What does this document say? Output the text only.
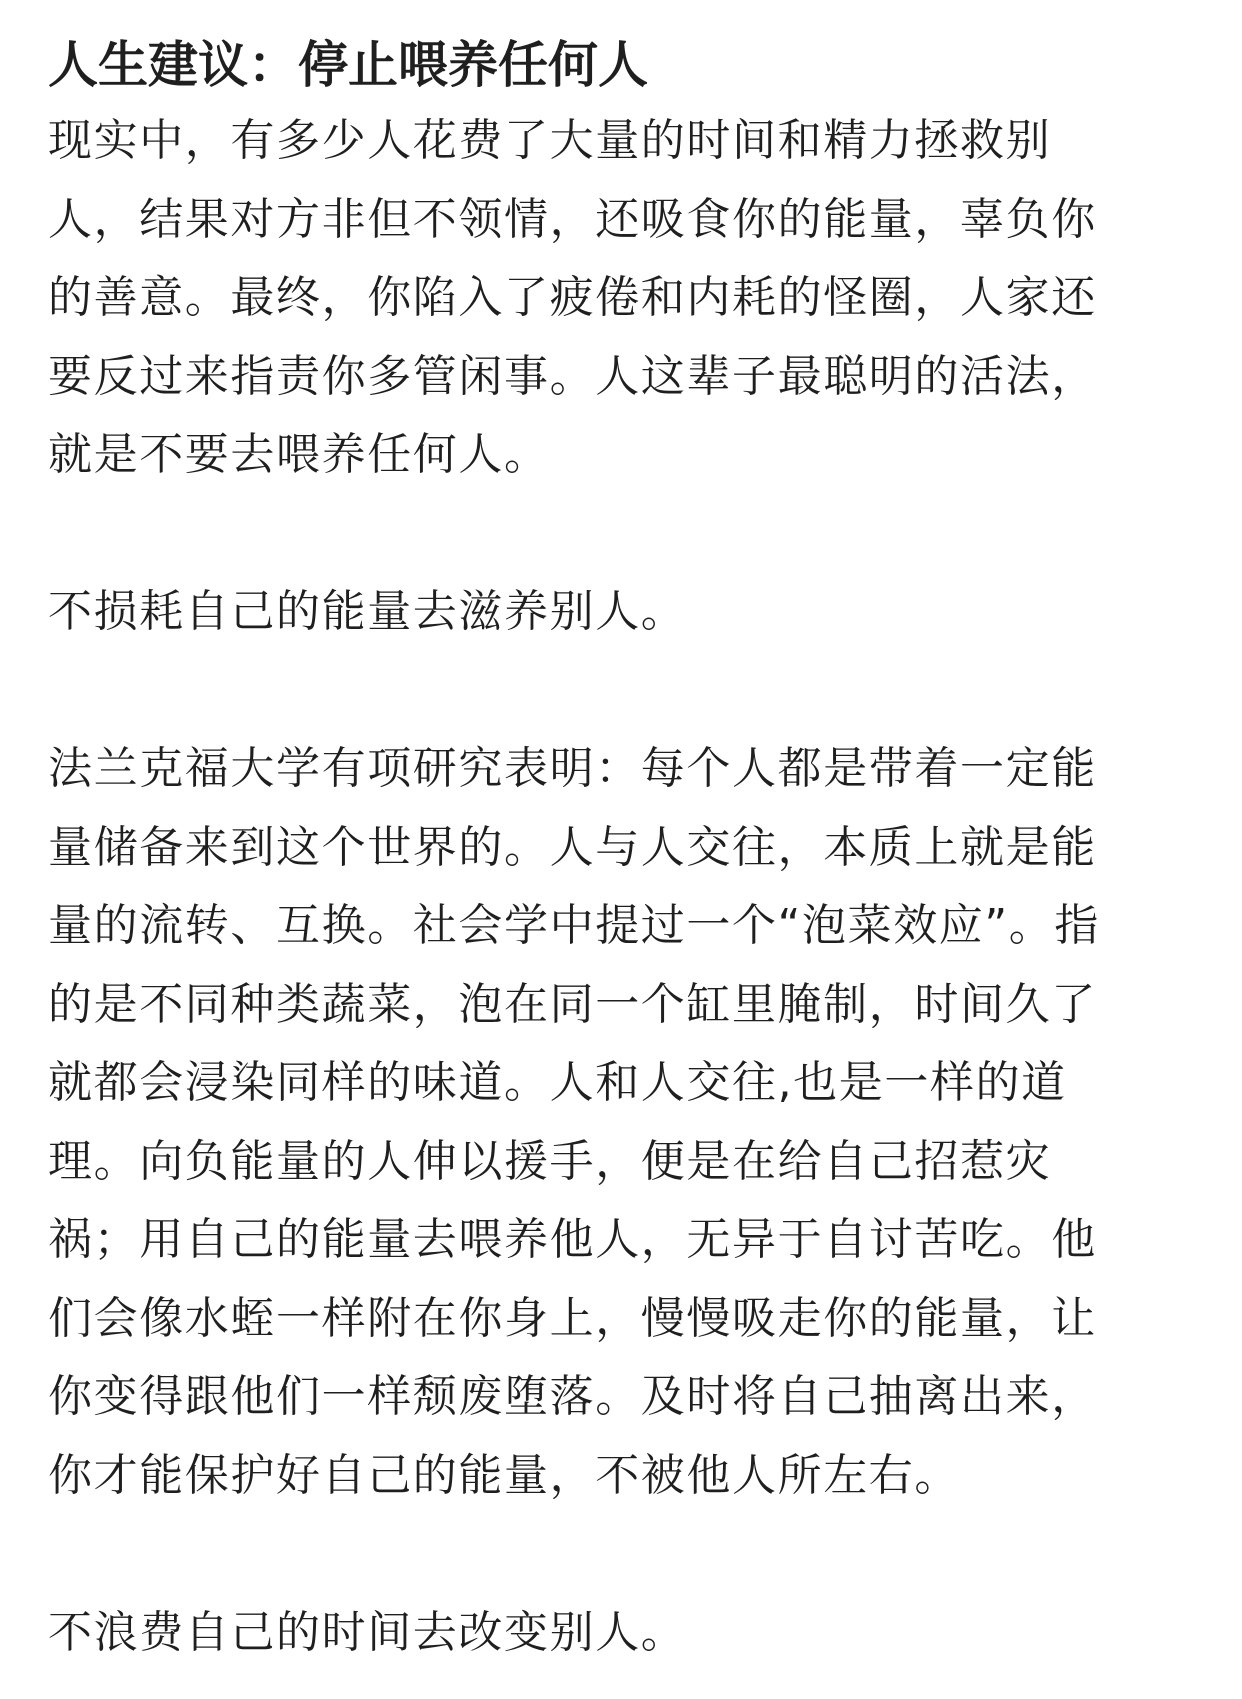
人生建议：停止喂养任何人
现实中，有多少人花费了大量的时间和精力拯救别
人，结果对方非但不领情，还吸食你的能量，辜负你
的善意。最终，你陷入了疲倦和内耗的怪圈，人家还
要反过来指责你多管闲事。人这辈子最聪明的活法，
就是不要去喂养任何人。
不损耗自己的能量去滋养别人。
法兰克福大学有项研究表明：每个人都是带着一定能
量储备来到这个世界的。人与人交往，本质上就是能
量的流转、互换。社会学中提过一个“泡菜效应”。指
的是不同种类蔬菜，泡在同一个缸里腌制，时间久了
就都会浸染同样的味道。人和人交往,也是一样的道
理。向负能量的人伸以援手，便是在给自己招惹灾
祸；用自己的能量去喂养他人，无异于自讨苦吃。他
们会像水蛭一样附在你身上，慢慢吸走你的能量，让
你变得跟他们一样颓废堕落。及时将自己抽离出来，
你才能保护好自己的能量，不被他人所左右。
不浪费自己的时间去改变别人。
